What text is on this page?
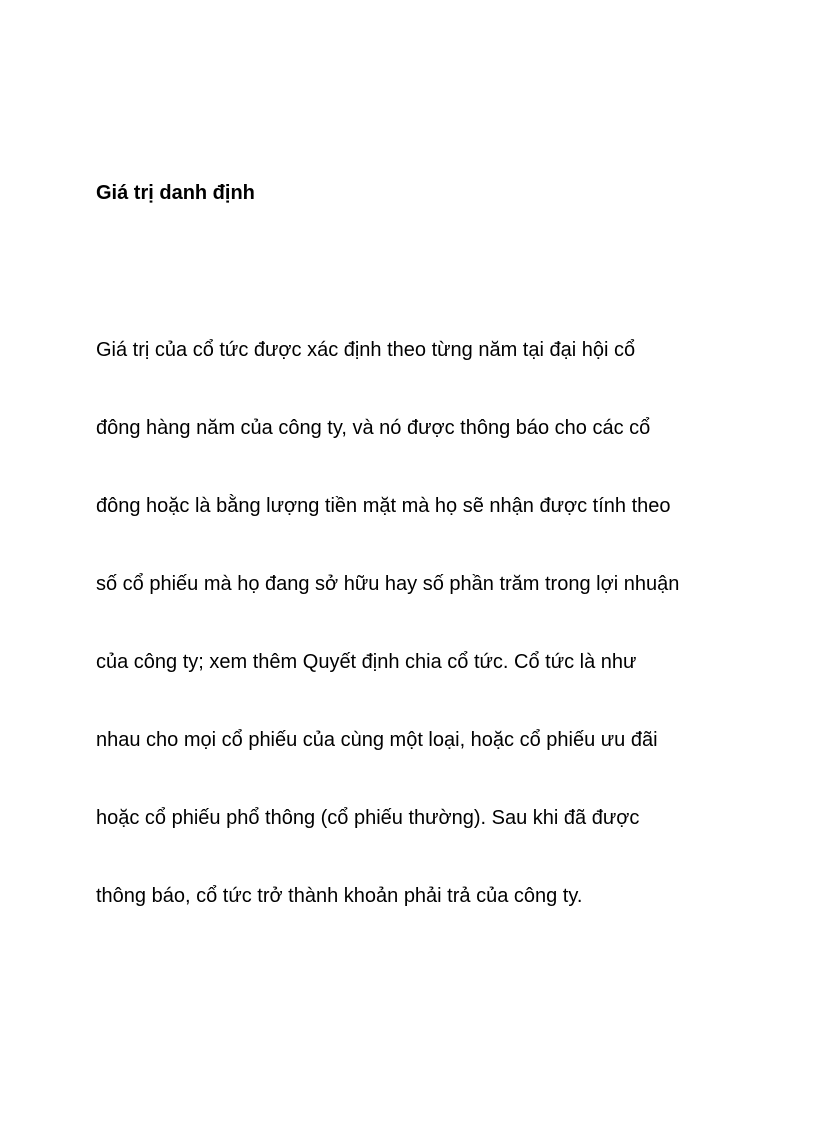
Giá trị danh định
Giá trị của cổ tức được xác định theo từng năm tại đại hội cổ
đông hàng năm của công ty, và nó được thông báo cho các cổ
đông hoặc là bằng lượng tiền mặt mà họ sẽ nhận được tính theo
số cổ phiếu mà họ đang sở hữu hay số phần trăm trong lợi nhuận
của công ty; xem thêm Quyết định chia cổ tức. Cổ tức là như
nhau cho mọi cổ phiếu của cùng một loại, hoặc cổ phiếu ưu đãi
hoặc cổ phiếu phổ thông (cổ phiếu thường). Sau khi đã được
thông báo, cổ tức trở thành khoản phải trả của công ty.
